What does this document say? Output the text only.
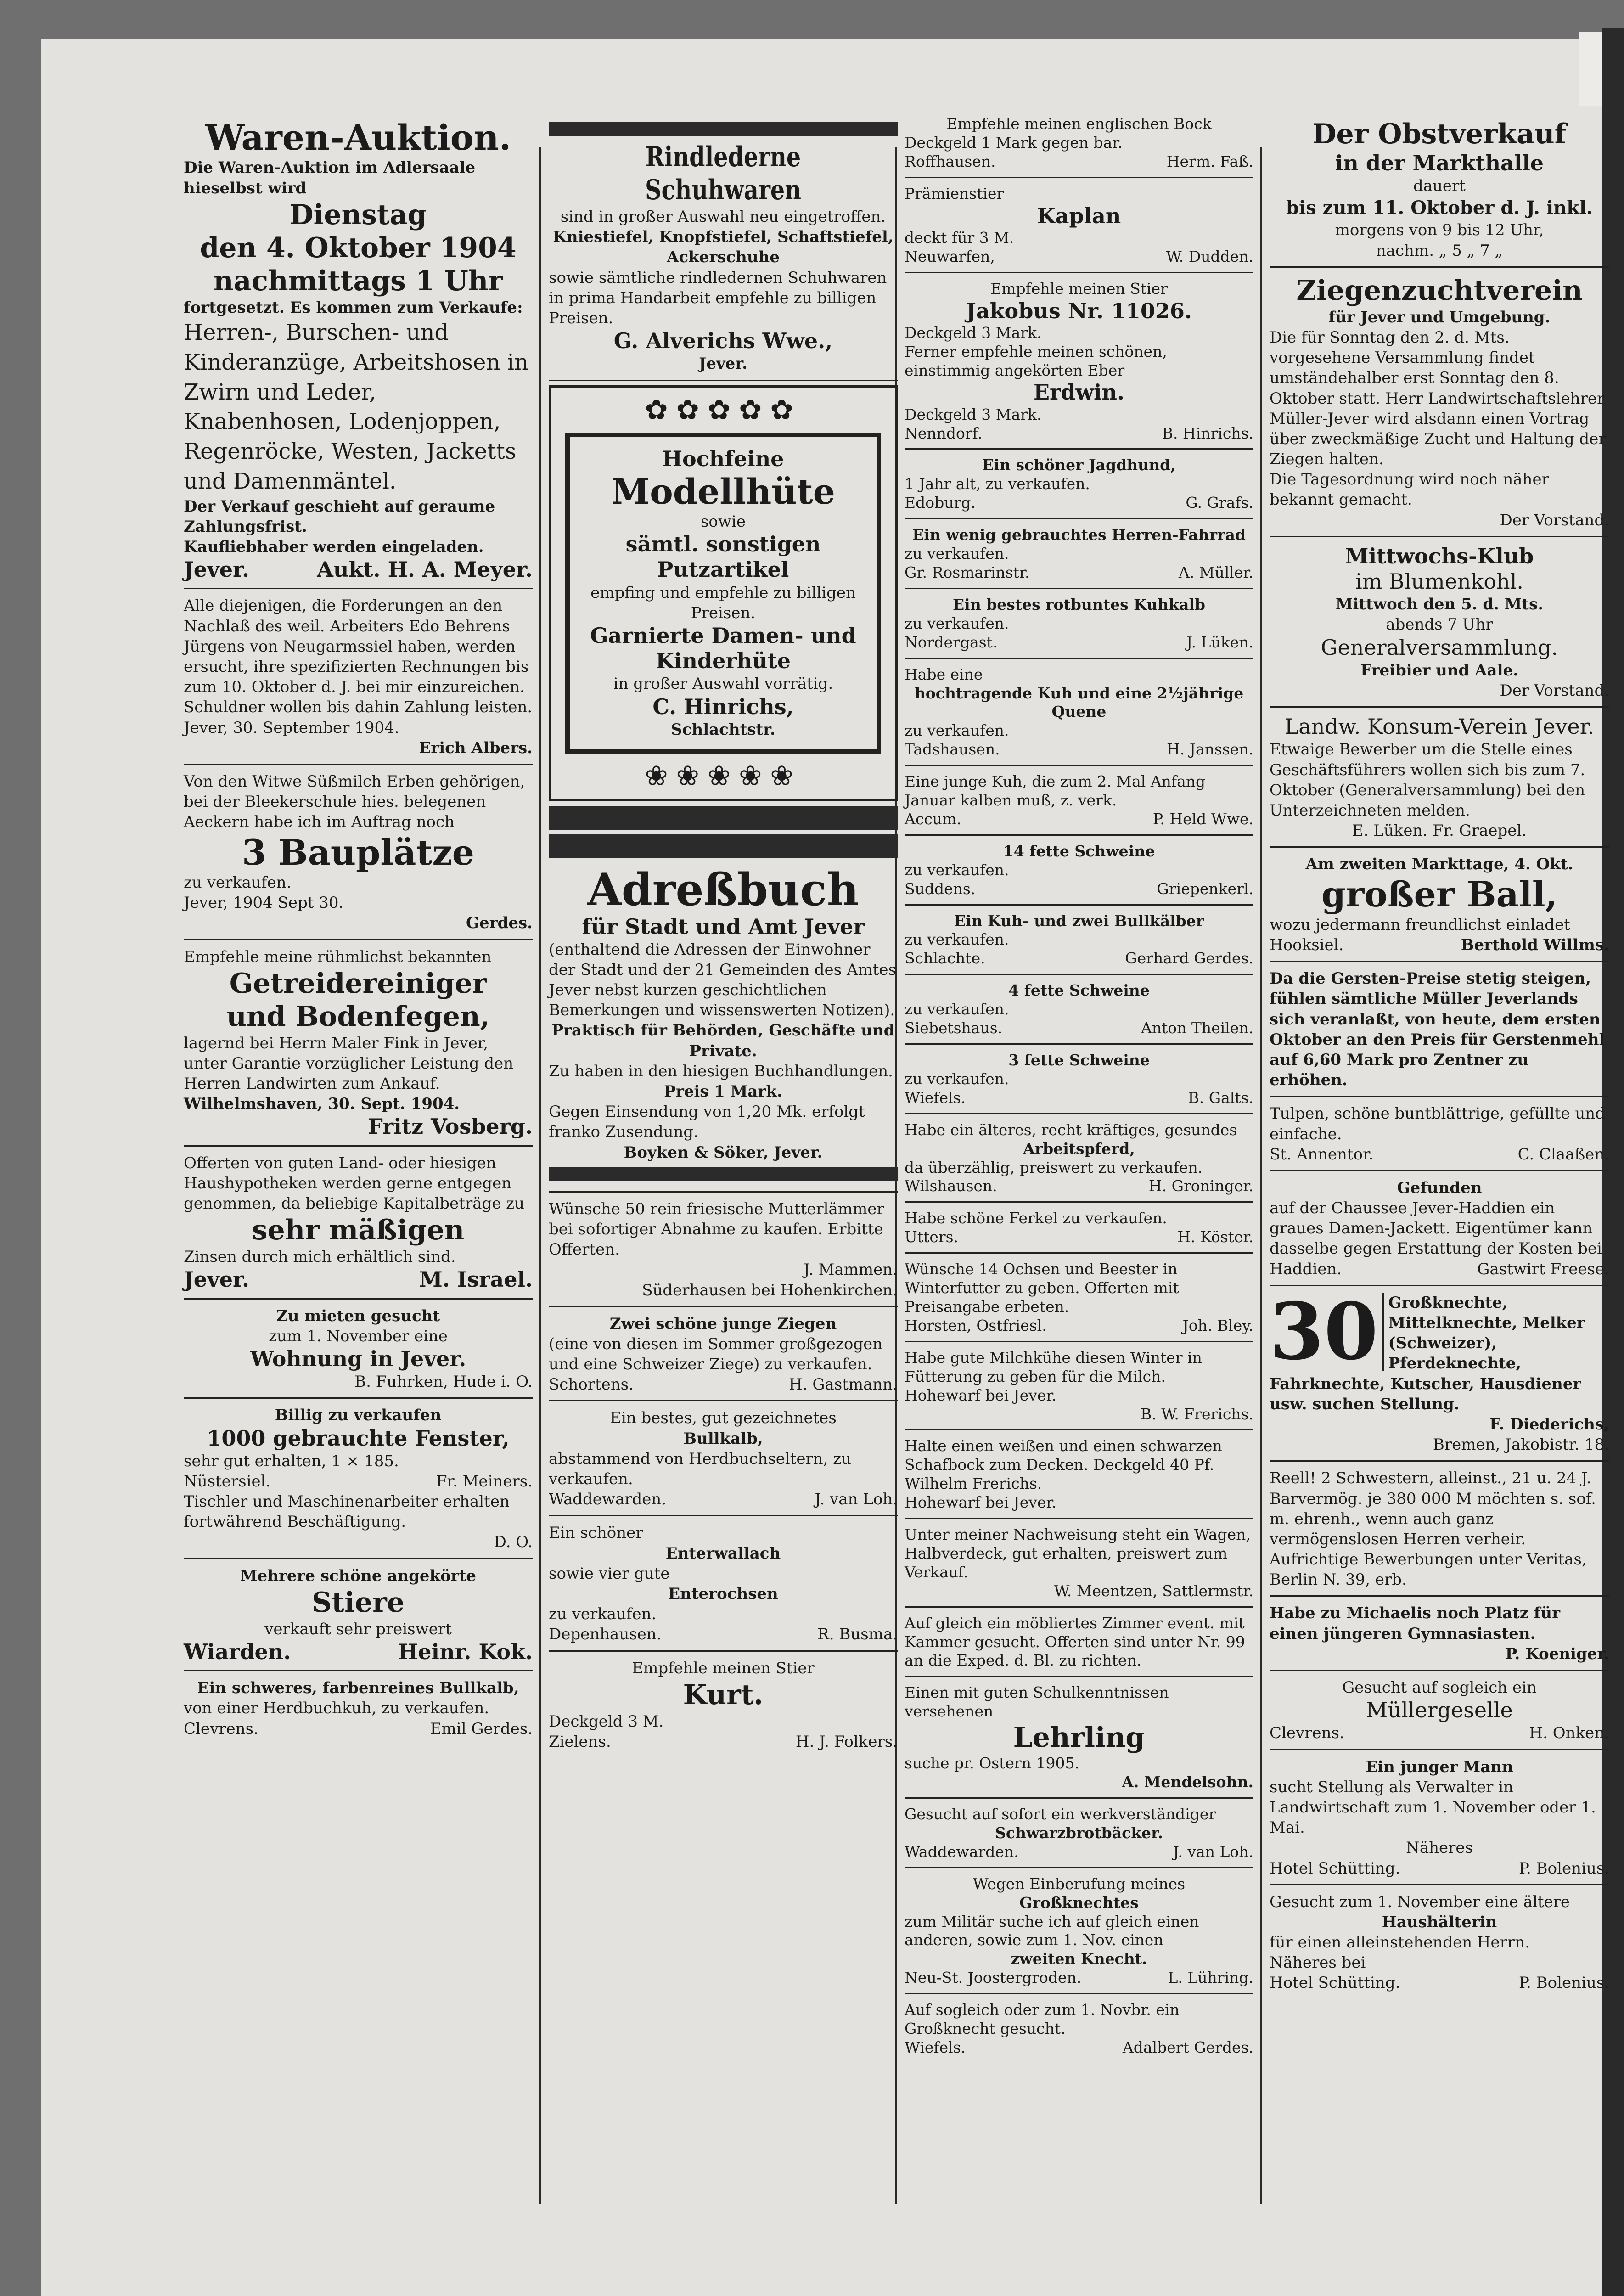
Waren-Auktion.
Die Waren-Auktion im Adlersaale hieselbst wird
Dienstag
den 4. Oktober 1904
nachmittags 1 Uhr
fortgesetzt. Es kommen zum Verkaufe:
Herren-, Burschen- und Kinderanzüge, Arbeitshosen in Zwirn und Leder, Knabenhosen, Lodenjoppen, Regenröcke, Westen, Jacketts und Damenmäntel.
Der Verkauf geschieht auf geraume Zahlungsfrist.
Kaufliebhaber werden eingeladen.
Jever.	Aukt. H. A. Meyer.
Alle diejenigen, die Forderungen an den Nachlaß des weil. Arbeiters Edo Behrens Jürgens von Neugarmssiel haben, werden ersucht, ihre spezifizierten Rechnungen bis zum 10. Oktober d. J. bei mir einzureichen. Schuldner wollen bis dahin Zahlung leisten.
Jever, 30. September 1904.
Erich Albers.
Von den Witwe Süßmilch Erben gehörigen, bei der Bleekerschule hies. belegenen Aeckern habe ich im Auftrag noch
3 Bauplätze
zu verkaufen.
Jever, 1904 Sept 30.
Gerdes.
Empfehle meine rühmlichst bekannten
Getreidereiniger
und Bodenfegen,
lagernd bei Herrn Maler Fink in Jever, unter Garantie vorzüglicher Leistung den Herren Landwirten zum Ankauf.
Wilhelmshaven, 30. Sept. 1904.
Fritz Vosberg.
Offerten von guten Land- oder hiesigen Haushypotheken werden gerne entgegen genommen, da beliebige Kapitalbeträge zu
sehr mäßigen
Zinsen durch mich erhältlich sind.
Jever.	M. Israel.
Zu mieten gesucht
zum 1. November eine
Wohnung in Jever.
B. Fuhrken, Hude i. O.
Billig zu verkaufen
1000 gebrauchte Fenster,
sehr gut erhalten, 1 × 185.
Nüstersiel.	Fr. Meiners.
Tischler und Maschinenarbeiter erhalten fortwährend Beschäftigung.
D. O.
Mehrere schöne angekörte
Stiere
verkauft sehr preiswert
Wiarden.	Heinr. Kok.
Ein schweres, farbenreines Bullkalb,
von einer Herdbuchkuh, zu verkaufen.
Clevrens.	Emil Gerdes.
Rindlederne Schuhwaren
sind in großer Auswahl neu eingetroffen.
Kniestiefel, Knopfstiefel, Schaftstiefel, Ackerschuhe
sowie sämtliche rindledernen Schuhwaren in prima Handarbeit empfehle zu billigen Preisen.
G. Alverichs Wwe.,
Jever.
✿✿✿✿✿
Hochfeine
Modellhüte
sowie
sämtl. sonstigen Putzartikel
empfing und empfehle zu billigen Preisen.
Garnierte Damen- und Kinderhüte
in großer Auswahl vorrätig.
C. Hinrichs,
Schlachtstr.
❀❀❀❀❀
Adreßbuch
für Stadt und Amt Jever
(enthaltend die Adressen der Einwohner der Stadt und der 21 Gemeinden des Amtes Jever nebst kurzen geschichtlichen Bemerkungen und wissenswerten Notizen).
Praktisch für Behörden, Geschäfte und Private.
Zu haben in den hiesigen Buchhandlungen.
Preis 1 Mark.
Gegen Einsendung von 1,20 Mk. erfolgt franko Zusendung.
Boyken & Söker, Jever.
Wünsche 50 rein friesische Mutterlämmer bei sofortiger Abnahme zu kaufen. Erbitte Offerten.
J. Mammen.
Süderhausen bei Hohenkirchen.
Zwei schöne junge Ziegen
(eine von diesen im Sommer großgezogen und eine Schweizer Ziege) zu verkaufen.
Schortens.	H. Gastmann.
Ein bestes, gut gezeichnetes
Bullkalb,
abstammend von Herdbuchseltern, zu verkaufen.
Waddewarden.	J. van Loh.
Ein schöner
Enterwallach
sowie vier gute
Enterochsen
zu verkaufen.
Depenhausen.	R. Busma.
Empfehle meinen Stier
Kurt.
Deckgeld 3 M.
Zielens.	H. J. Folkers.
Empfehle meinen englischen Bock
Deckgeld 1 Mark gegen bar.
Roffhausen.	Herm. Faß.
Prämienstier
Kaplan
deckt für 3 M.
Neuwarfen,	W. Dudden.
Empfehle meinen Stier
Jakobus Nr. 11026.
Deckgeld 3 Mark.
Ferner empfehle meinen schönen, einstimmig angekörten Eber
Erdwin.
Deckgeld 3 Mark.
Nenndorf.	B. Hinrichs.
Ein schöner Jagdhund,
1 Jahr alt, zu verkaufen.
Edoburg.	G. Grafs.
Ein wenig gebrauchtes Herren-Fahrrad
zu verkaufen.
Gr. Rosmarinstr.	A. Müller.
Ein bestes rotbuntes Kuhkalb
zu verkaufen.
Nordergast.	J. Lüken.
Habe eine
hochtragende Kuh und eine 2½jährige Quene
zu verkaufen.
Tadshausen.	H. Janssen.
Eine junge Kuh, die zum 2. Mal Anfang Januar kalben muß, z. verk.
Accum.	P. Held Wwe.
14 fette Schweine
zu verkaufen.
Suddens.	Griepenkerl.
Ein Kuh- und zwei Bullkälber
zu verkaufen.
Schlachte.	Gerhard Gerdes.
4 fette Schweine
zu verkaufen.
Siebetshaus.	Anton Theilen.
3 fette Schweine
zu verkaufen.
Wiefels.	B. Galts.
Habe ein älteres, recht kräftiges, gesundes
Arbeitspferd,
da überzählig, preiswert zu verkaufen.
Wilshausen.	H. Groninger.
Habe schöne Ferkel zu verkaufen.
Utters.	H. Köster.
Wünsche 14 Ochsen und Beester in Winterfutter zu geben. Offerten mit Preisangabe erbeten.
Horsten, Ostfriesl.	Joh. Bley.
Habe gute Milchkühe diesen Winter in Fütterung zu geben für die Milch.
Hohewarf bei Jever.
B. W. Frerichs.
Halte einen weißen und einen schwarzen Schafbock zum Decken. Deckgeld 40 Pf. Wilhelm Frerichs.
Hohewarf bei Jever.
Unter meiner Nachweisung steht ein Wagen, Halbverdeck, gut erhalten, preiswert zum Verkauf.
W. Meentzen, Sattlermstr.
Auf gleich ein möbliertes Zimmer event. mit Kammer gesucht. Offerten sind unter Nr. 99 an die Exped. d. Bl. zu richten.
Einen mit guten Schulkenntnissen versehenen
Lehrling
suche pr. Ostern 1905.
A. Mendelsohn.
Gesucht auf sofort ein werkverständiger
Schwarzbrotbäcker.
Waddewarden.	J. van Loh.
Wegen Einberufung meines
Großknechtes
zum Militär suche ich auf gleich einen anderen, sowie zum 1. Nov. einen
zweiten Knecht.
Neu-St. Joostergroden.	L. Lühring.
Auf sogleich oder zum 1. Novbr. ein Großknecht gesucht.
Wiefels.	Adalbert Gerdes.
Der Obstverkauf
in der Markthalle
dauert
bis zum 11. Oktober d. J. inkl.
morgens von 9 bis 12 Uhr,
nachm. „ 5 „ 7 „
Ziegenzuchtverein
für Jever und Umgebung.
Die für Sonntag den 2. d. Mts. vorgesehene Versammlung findet umständehalber erst Sonntag den 8. Oktober statt. Herr Landwirtschaftslehrer Müller-Jever wird alsdann einen Vortrag über zweckmäßige Zucht und Haltung der Ziegen halten.
Die Tagesordnung wird noch näher bekannt gemacht.
Der Vorstand.
Mittwochs-Klub
im Blumenkohl.
Mittwoch den 5. d. Mts.
abends 7 Uhr
Generalversammlung.
Freibier und Aale.
Der Vorstand.
Landw. Konsum-Verein Jever.
Etwaige Bewerber um die Stelle eines Geschäftsführers wollen sich bis zum 7. Oktober (Generalversammlung) bei den Unterzeichneten melden.
E. Lüken. Fr. Graepel.
Am zweiten Markttage, 4. Okt.
großer Ball,
wozu jedermann freundlichst einladet
Hooksiel.	Berthold Willms.
Da die Gersten-Preise stetig steigen, fühlen sämtliche Müller Jeverlands sich veranlaßt, von heute, dem ersten Oktober an den Preis für Gerstenmehl auf 6,60 Mark pro Zentner zu erhöhen.
Tulpen, schöne buntblättrige, gefüllte und einfache.
St. Annentor.	C. Claaßen.
Gefunden
auf der Chaussee Jever-Haddien ein graues Damen-Jackett. Eigentümer kann dasselbe gegen Erstattung der Kosten bei
Haddien.	Gastwirt Freese.
30 Großknechte, Mittelknechte, Melker (Schweizer), Pferdeknechte, Fahrknechte, Kutscher, Hausdiener usw. suchen Stellung.
F. Diederichs,
Bremen, Jakobistr. 18.
Reell! 2 Schwestern, alleinst., 21 u. 24 J. Barvermög. je 380 000 M möchten s. sof. m. ehrenh., wenn auch ganz vermögenslosen Herren verheir. Aufrichtige Bewerbungen unter Veritas, Berlin N. 39, erb.
Habe zu Michaelis noch Platz für einen jüngeren Gymnasiasten.
P. Koeniger.
Gesucht auf sogleich ein
Müllergeselle
Clevrens.	H. Onken.
Ein junger Mann
sucht Stellung als Verwalter in Landwirtschaft zum 1. November oder 1. Mai.
Näheres
Hotel Schütting.	P. Bolenius.
Gesucht zum 1. November eine ältere
Haushälterin
für einen alleinstehenden Herrn.
Näheres bei
Hotel Schütting.	P. Bolenius.
